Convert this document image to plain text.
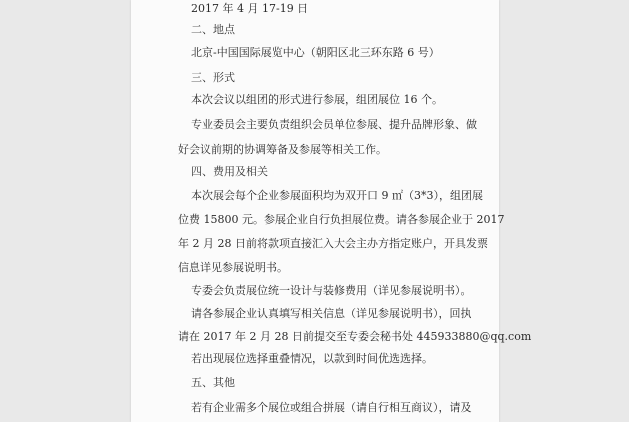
2017 年 4 月 17-19 日
二、地点
北京-中国国际展览中心（朝阳区北三环东路 6 号）
三、形式
本次会议以组团的形式进行参展，组团展位 16 个。
专业委员会主要负责组织会员单位参展、提升品牌形象、做
好会议前期的协调筹备及参展等相关工作。
四、费用及相关
本次展会每个企业参展面积均为双开口 9 ㎡（3*3），组团展
位费 15800 元。参展企业自行负担展位费。请各参展企业于 2017
年 2 月 28 日前将款项直接汇入大会主办方指定账户，开具发票
信息详见参展说明书。
专委会负责展位统一设计与装修费用（详见参展说明书）。
请各参展企业认真填写相关信息（详见参展说明书），回执
请在 2017 年 2 月 28 日前提交至专委会秘书处 445933880@qq.com
若出现展位选择重叠情况，以款到时间优选选择。
五、其他
若有企业需多个展位或组合拼展（请自行相互商议），请及
